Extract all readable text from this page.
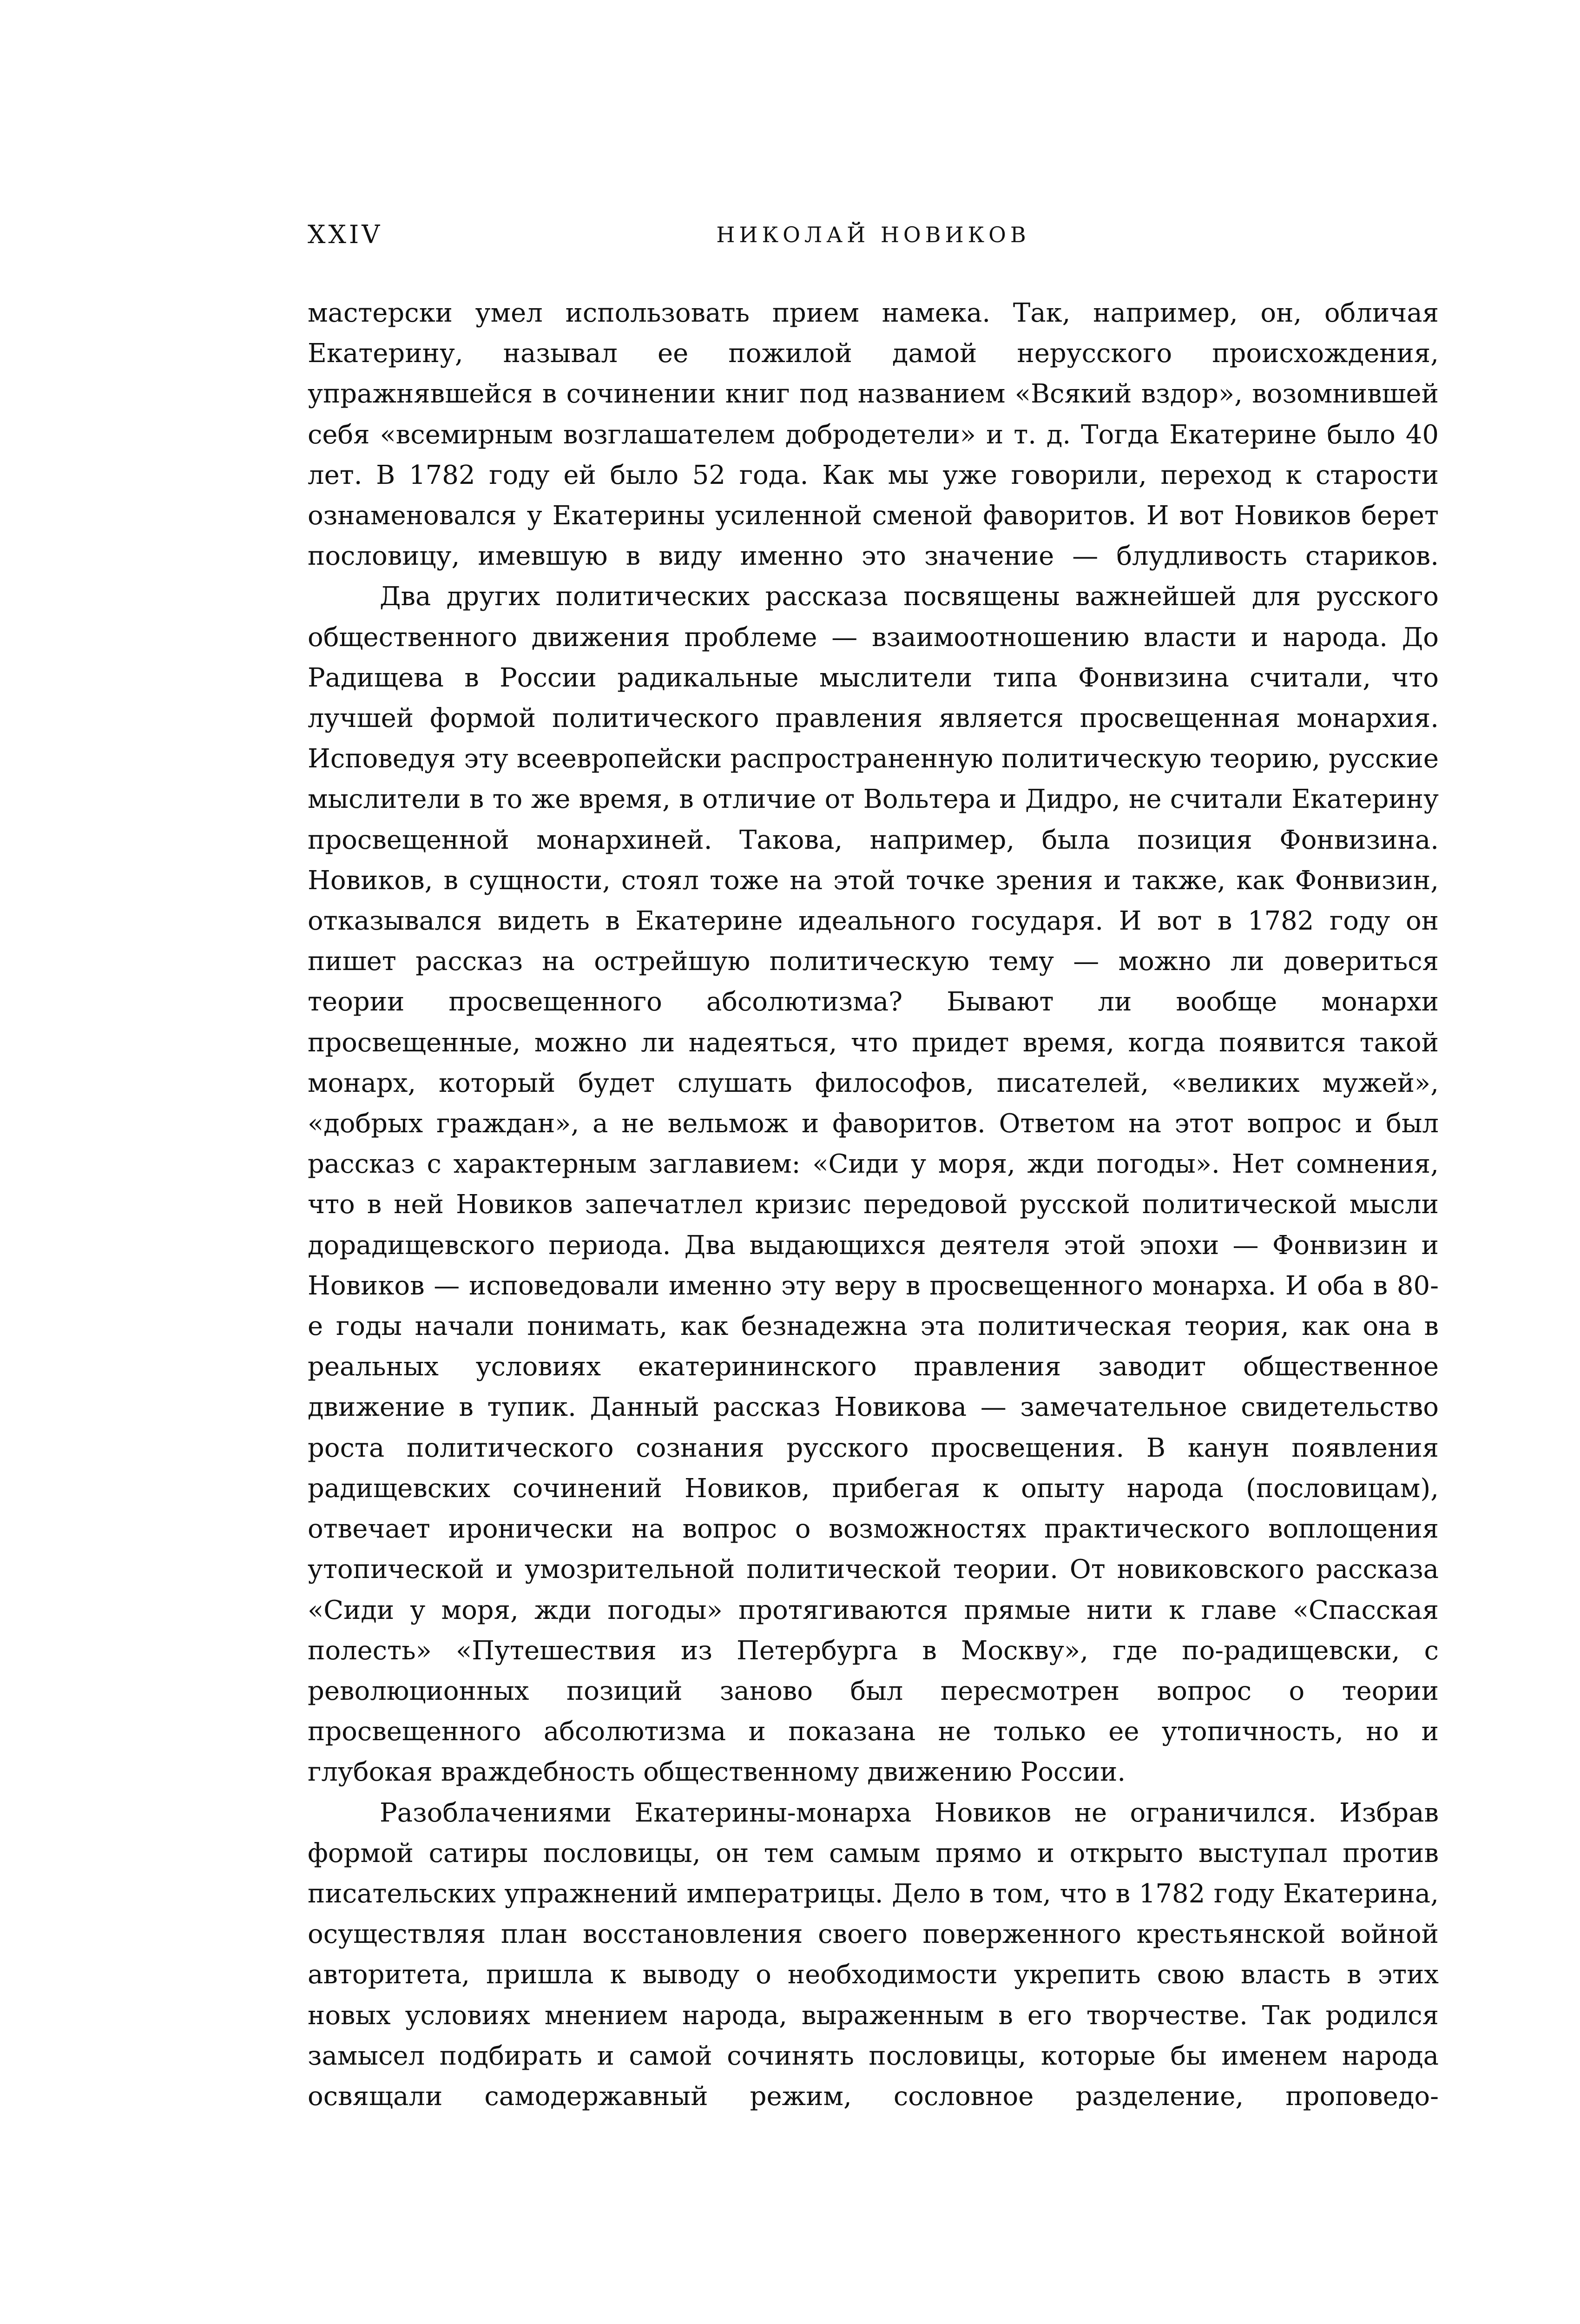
XXIV	НИКОЛАЙ НОВИКОВ

мастерски умел использовать прием намека. Так, например, он, обличая Екатерину, называл ее пожилой дамой нерусского происхождения, упражнявшейся в сочинении книг под названием «Всякий вздор», возомнившей себя «всемирным возглашателем добродетели» и т. д. Тогда Екатерине было 40 лет. В 1782 году ей было 52 года. Как мы уже говорили, переход к старости ознаменовался у Екатерины усиленной сменой фаворитов. И вот Новиков берет пословицу, имевшую в виду именно это значение — блудливость стариков.

Два других политических рассказа посвящены важнейшей для русского общественного движения проблеме — взаимоотношению власти и народа. До Радищева в России радикальные мыслители типа Фонвизина считали, что лучшей формой политического правления является просвещенная монархия. Исповедуя эту всеевропейски распространенную политическую теорию, русские мыслители в то же время, в отличие от Вольтера и Дидро, не считали Екатерину просвещенной монархиней. Такова, например, была позиция Фонвизина. Новиков, в сущности, стоял тоже на этой точке зрения и также, как Фонвизин, отказывался видеть в Екатерине идеального государя. И вот в 1782 году он пишет рассказ на острейшую политическую тему — можно ли довериться теории просвещенного абсолютизма? Бывают ли вообще монархи просвещенные, можно ли надеяться, что придет время, когда появится такой монарх, который будет слушать философов, писателей, «великих мужей», «добрых граждан», а не вельмож и фаворитов. Ответом на этот вопрос и был рассказ с характерным заглавием: «Сиди у моря, жди погоды». Нет сомнения, что в ней Новиков запечатлел кризис передовой русской политической мысли дорадищевского периода. Два выдающихся деятеля этой эпохи — Фонвизин и Новиков — исповедовали именно эту веру в просвещенного монарха. И оба в 80-е годы начали понимать, как безнадежна эта политическая теория, как она в реальных условиях екатерининского правления заводит общественное движение в тупик. Данный рассказ Новикова — замечательное свидетельство роста политического сознания русского просвещения. В канун появления радищевских сочинений Новиков, прибегая к опыту народа (пословицам), отвечает иронически на вопрос о возможностях практического воплощения утопической и умозрительной политической теории. От новиковского рассказа «Сиди у моря, жди погоды» протягиваются прямые нити к главе «Спасская полесть» «Путешествия из Петербурга в Москву», где по-радищевски, с революционных позиций заново был пересмотрен вопрос о теории просвещенного абсолютизма и показана не только ее утопичность, но и глубокая враждебность общественному движению России.

Разоблачениями Екатерины-монарха Новиков не ограничился. Избрав формой сатиры пословицы, он тем самым прямо и открыто выступал против писательских упражнений императрицы. Дело в том, что в 1782 году Екатерина, осуществляя план восстановления своего поверженного крестьянской войной авторитета, пришла к выводу о необходимости укрепить свою власть в этих новых условиях мнением народа, выраженным в его творчестве. Так родился замысел подбирать и самой сочинять пословицы, которые бы именем народа освящали самодержавный режим, сословное разделение, проповедо-
